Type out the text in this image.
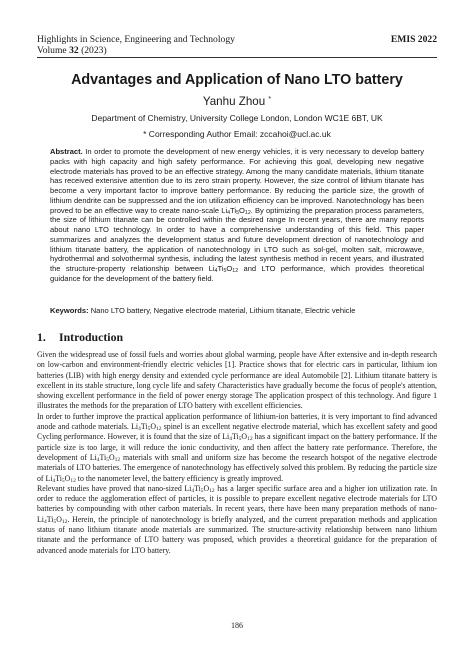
Highlights in Science, Engineering and Technology	EMIS 2022
Volume 32 (2023)
Advantages and Application of Nano LTO battery
Yanhu Zhou *
Department of Chemistry, University College London, London WC1E 6BT, UK
* Corresponding Author Email: zccahoi@ucl.ac.uk
Abstract. In order to promote the development of new energy vehicles, it is very necessary to develop battery packs with high capacity and high safety performance. For achieving this goal, developing new negative electrode materials has proved to be an effective strategy. Among the many candidate materials, lithium titanate has received extensive attention due to its zero strain property. However, the size control of lithium titanate has become a very important factor to improve battery performance. By reducing the particle size, the growth of lithium dendrite can be suppressed and the ion utilization efficiency can be improved. Nanotechnology has been proved to be an effective way to create nano-scale $Li_4Ti_5O_{12}$. By optimizing the preparation process parameters, the size of lithium titanate can be controlled within the desired range In recent years, there are many reports about nano LTO technology. In order to have a comprehensive understanding of this field. This paper summarizes and analyzes the development status and future development direction of nanotechnology and lithium titanate battery, the application of nanotechnology in LTO such as sol-gel, molten salt, microwave, hydrothermal and solvothermal synthesis, including the latest synthesis method in recent years, and illustrated the structure-property relationship between $Li_4Ti_5O_{12}$ and LTO performance, which provides theoretical guidance for the development of the battery field.
Keywords: Nano LTO battery, Negative electrode material, Lithium titanate, Electric vehicle
1. Introduction

Given the widespread use of fossil fuels and worries about global warming, people have After extensive and in-depth research on low-carbon and environment-friendly electric vehicles [1]. Practice shows that for electric cars in particular, lithium ion batteries (LIB) with high energy density and extended cycle performance are ideal Automobile [2]. Lithium titanate battery is excellent in its stable structure, long cycle life and safety Characteristics have gradually become the focus of people's attention, showing excellent performance in the field of power energy storage The application prospect of this technology. And figure 1 illustrates the methods for the preparation of LTO battery with excellent efficiencies.

In order to further improve the practical application performance of lithium-ion batteries, it is very important to find advanced anode and cathode materials. $Li_4Ti_5O_{12}$ spinel is an excellent negative electrode material, which has excellent safety and good Cycling performance. However, it is found that the size of $Li_4Ti_5O_{12}$ has a significant impact on the battery performance. If the particle size is too large, it will reduce the ionic conductivity, and then affect the battery rate performance. Therefore, the development of $Li_4Ti_5O_{12}$ materials with small and uniform size has become the research hotspot of the negative electrode materials of LTO batteries. The emergence of nanotechnology has effectively solved this problem. By reducing the particle size of $Li_4Ti_5O_{12}$ to the nanometer level, the battery efficiency is greatly improved.

Relevant studies have proved that nano-sized $Li_4Ti_5O_{12}$ has a larger specific surface area and a higher ion utilization rate. In order to reduce the agglomeration effect of particles, it is possible to prepare excellent negative electrode materials for LTO batteries by compounding with other carbon materials. In recent years, there have been many preparation methods of nano-$Li_4Ti_5O_{12}$. Herein, the principle of nanotechnology is briefly analyzed, and the current preparation methods and application status of nano lithium titanate anode materials are summarized. The structure-activity relationship between nano lithium titanate and the performance of LTO battery was proposed, which provides a theoretical guidance for the preparation of advanced anode materials for LTO battery.

186
